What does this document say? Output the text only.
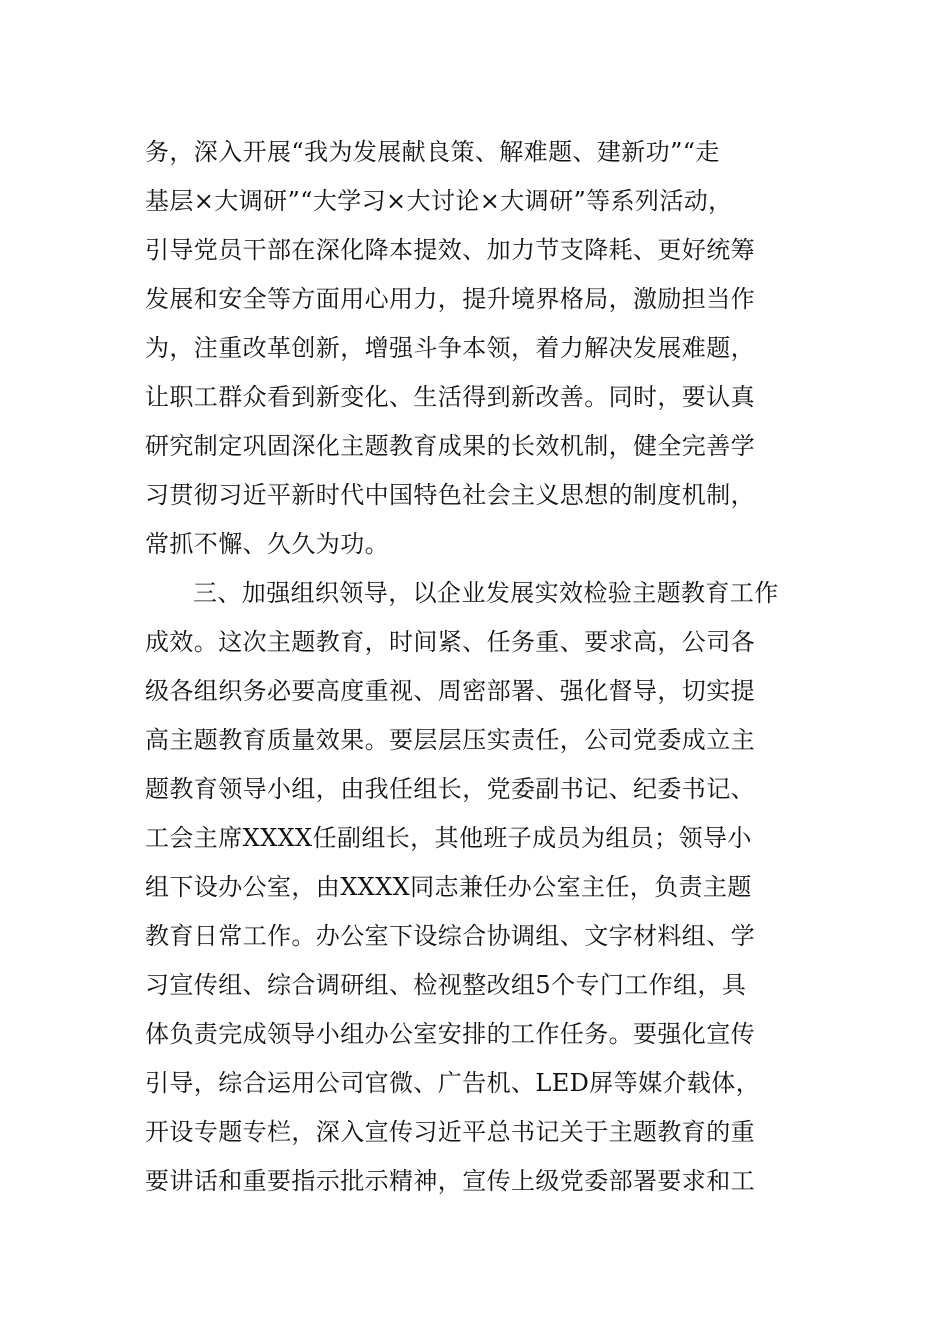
务，深入开展“我为发展献良策、解难题、建新功”“走
基层×大调研”“大学习×大讨论×大调研”等系列活动，
引导党员干部在深化降本提效、加力节支降耗、更好统筹
发展和安全等方面用心用力，提升境界格局，激励担当作
为，注重改革创新，增强斗争本领，着力解决发展难题，
让职工群众看到新变化、生活得到新改善。同时，要认真
研究制定巩固深化主题教育成果的长效机制，健全完善学
习贯彻习近平新时代中国特色社会主义思想的制度机制，
常抓不懈、久久为功。
三、加强组织领导，以企业发展实效检验主题教育工作
成效。这次主题教育，时间紧、任务重、要求高，公司各
级各组织务必要高度重视、周密部署、强化督导，切实提
高主题教育质量效果。要层层压实责任，公司党委成立主
题教育领导小组，由我任组长，党委副书记、纪委书记、
工会主席XXXX任副组长，其他班子成员为组员；领导小
组下设办公室，由XXXX同志兼任办公室主任，负责主题
教育日常工作。办公室下设综合协调组、文字材料组、学
习宣传组、综合调研组、检视整改组5个专门工作组，具
体负责完成领导小组办公室安排的工作任务。要强化宣传
引导，综合运用公司官微、广告机、LED屏等媒介载体，
开设专题专栏，深入宣传习近平总书记关于主题教育的重
要讲话和重要指示批示精神，宣传上级党委部署要求和工
